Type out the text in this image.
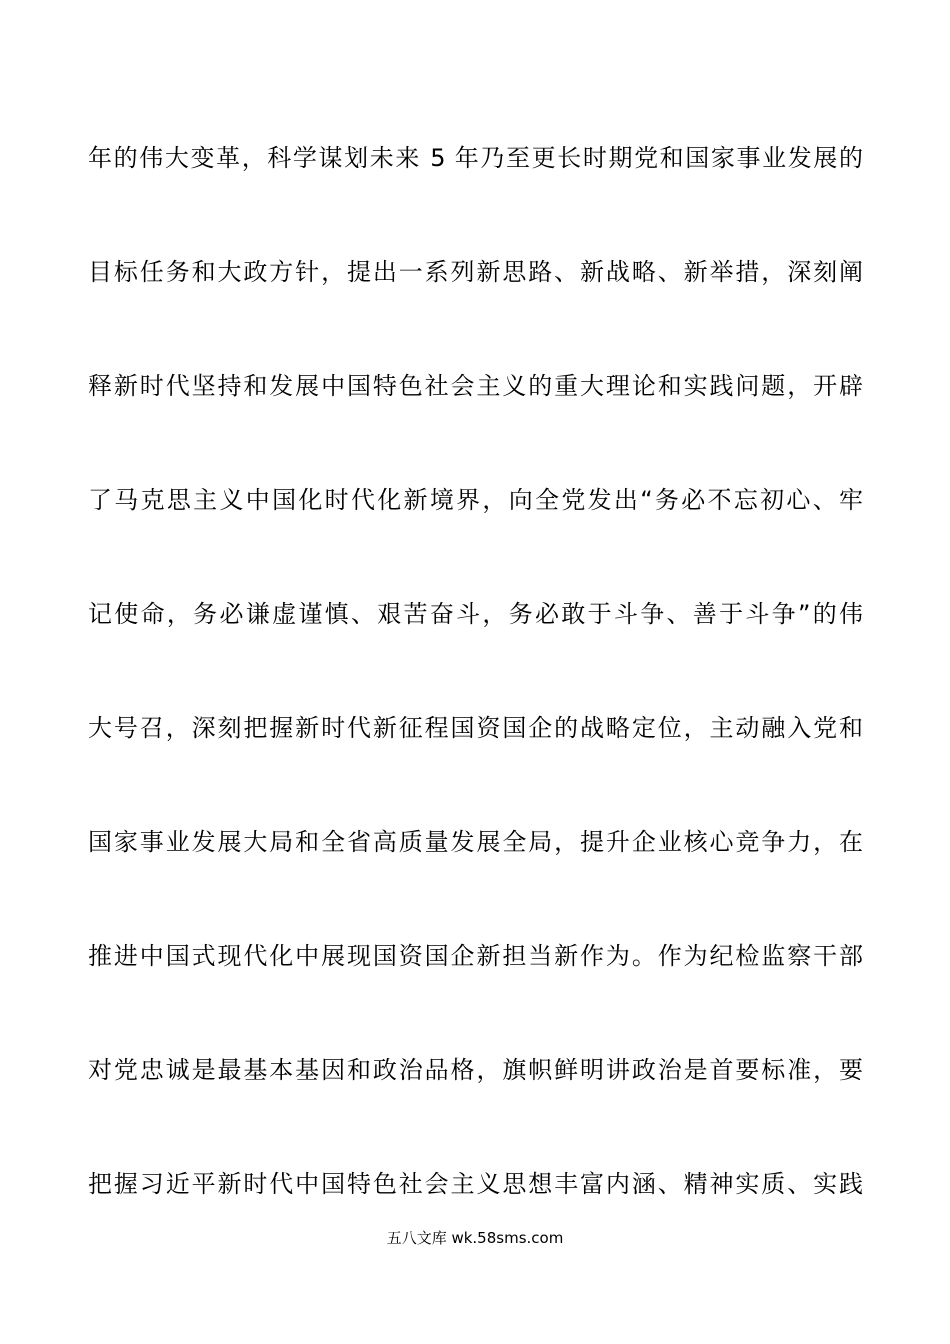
年的伟大变革，科学谋划未来 5 年乃至更长时期党和国家事业发展的
目标任务和大政方针，提出一系列新思路、新战略、新举措，深刻阐
释新时代坚持和发展中国特色社会主义的重大理论和实践问题，开辟
了马克思主义中国化时代化新境界，向全党发出“务必不忘初心、牢
记使命，务必谦虚谨慎、艰苦奋斗，务必敢于斗争、善于斗争”的伟
大号召，深刻把握新时代新征程国资国企的战略定位，主动融入党和
国家事业发展大局和全省高质量发展全局，提升企业核心竞争力，在
推进中国式现代化中展现国资国企新担当新作为。作为纪检监察干部
对党忠诚是最基本基因和政治品格，旗帜鲜明讲政治是首要标准，要
把握习近平新时代中国特色社会主义思想丰富内涵、精神实质、实践
五八文库 wk.58sms.com
